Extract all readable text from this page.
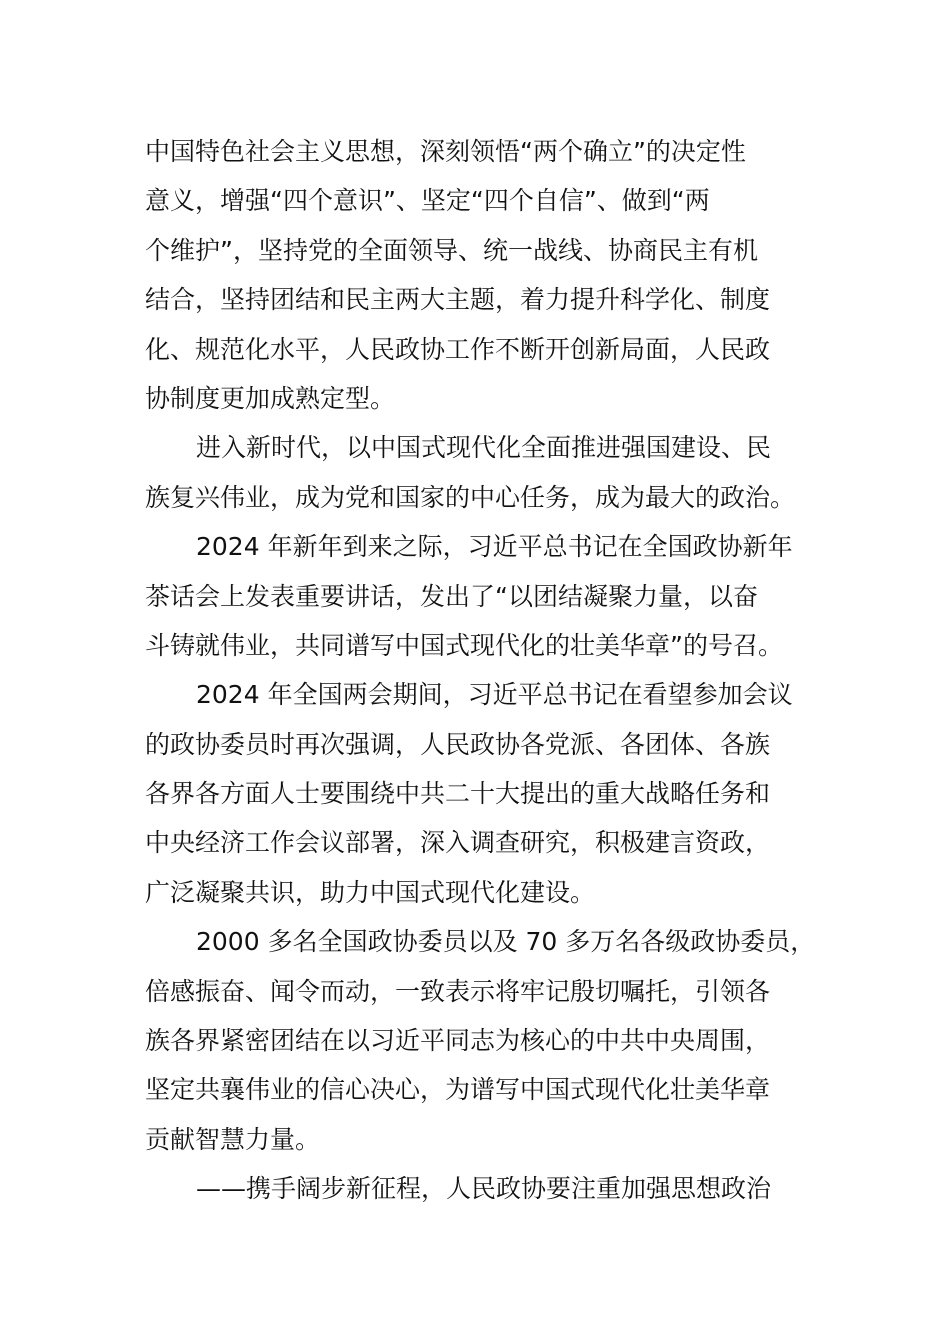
中国特色社会主义思想，深刻领悟“两个确立”的决定性
意义，增强“四个意识”、坚定“四个自信”、做到“两
个维护”，坚持党的全面领导、统一战线、协商民主有机
结合，坚持团结和民主两大主题，着力提升科学化、制度
化、规范化水平，人民政协工作不断开创新局面，人民政
协制度更加成熟定型。
进入新时代，以中国式现代化全面推进强国建设、民
族复兴伟业，成为党和国家的中心任务，成为最大的政治。
2024 年新年到来之际，习近平总书记在全国政协新年
茶话会上发表重要讲话，发出了“以团结凝聚力量，以奋
斗铸就伟业，共同谱写中国式现代化的壮美华章”的号召。
2024 年全国两会期间，习近平总书记在看望参加会议
的政协委员时再次强调，人民政协各党派、各团体、各族
各界各方面人士要围绕中共二十大提出的重大战略任务和
中央经济工作会议部署，深入调查研究，积极建言资政，
广泛凝聚共识，助力中国式现代化建设。
2000 多名全国政协委员以及 70 多万名各级政协委员，
倍感振奋、闻令而动，一致表示将牢记殷切嘱托，引领各
族各界紧密团结在以习近平同志为核心的中共中央周围，
坚定共襄伟业的信心决心，为谱写中国式现代化壮美华章
贡献智慧力量。
——携手阔步新征程，人民政协要注重加强思想政治
